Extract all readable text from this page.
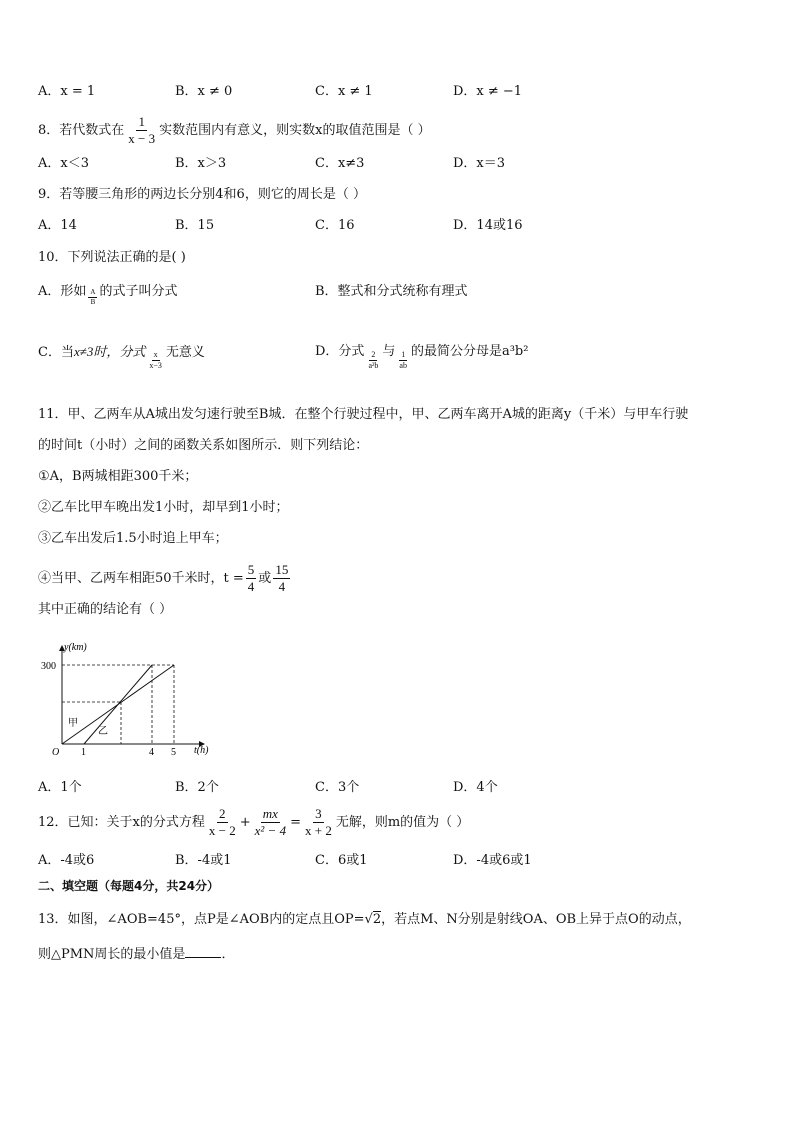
A．x = 1	B．x ≠ 0	C．x ≠ 1	D．x ≠ −1
8．若代数式在 $\frac{1}{x - 3}$ 实数范围内有意义，则实数x的取值范围是（ ）
A．x＜3	B．x＞3	C．x≠3	D．x＝3
9．若等腰三角形的两边长分别4和6，则它的周长是（ ）
A．14	B．15	C．16	D．14或16
10．下列说法正确的是( )
A．形如 $\frac{A}{B}$ 的式子叫分式	B．整式和分式统称有理式
C．当x≠3时，分式 $\frac{x}{x-3}$ 无意义	D．分式 $\frac{2}{\text{a²b}}$ 与 $\frac{1}{ab}$ 的最简公分母是a³b²
11．甲、乙两车从A城出发匀速行驶至B城．在整个行驶过程中，甲、乙两车离开A城的距离y（千米）与甲车行驶
的时间t（小时）之间的函数关系如图所示．则下列结论：
①A，B两城相距300千米；
②乙车比甲车晚出发1小时，却早到1小时；
③乙车出发后1.5小时追上甲车；
④当甲、乙两车相距50千米时，$t = \frac{5}{4}$ 或 $\frac{15}{4}$
其中正确的结论有（ ）
y(km)
t(h)
O
300
1	4 5
甲
乙
A．1个	B．2个	C．3个	D．4个
12．已知：关于x的分式方程 $\frac{2}{x - 2} + \frac{mx}{\text{x² − 4}} = \frac{3}{x + 2}$ 无解，则m的值为（ ）
A．-4或6	B．-4或1	C．6或1	D．-4或6或1
二、填空题（每题4分，共24分）
13．如图，∠AOB=45°，点P是∠AOB内的定点且OP=√2，若点M、N分别是射线OA、OB上异于点O的动点，
则△PMN周长的最小值是	．
